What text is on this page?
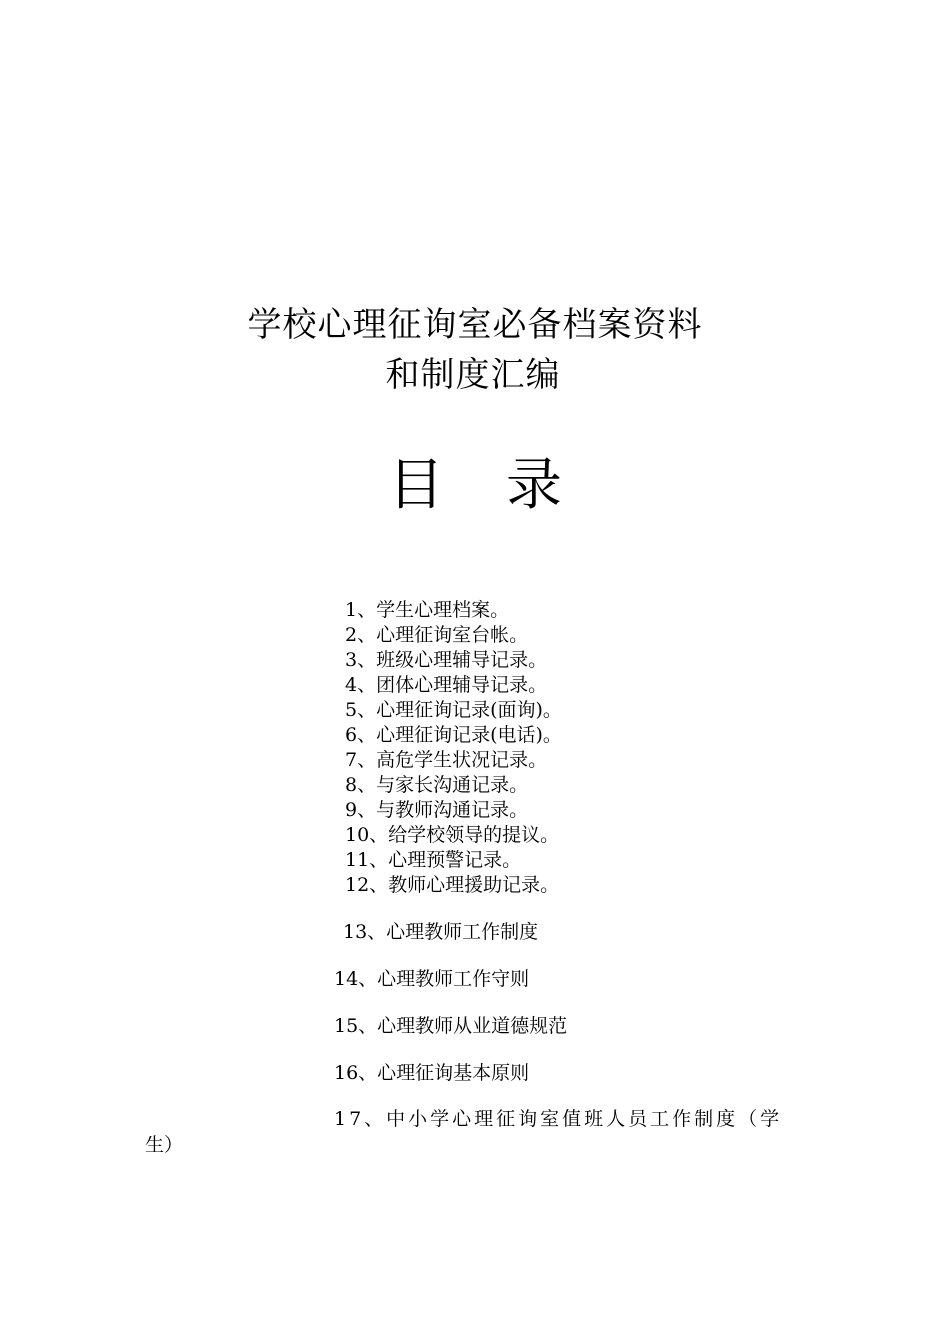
学校心理征询室必备档案资料
和制度汇编
目 录
1、学生心理档案。
2、心理征询室台帐。
3、班级心理辅导记录。
4、团体心理辅导记录。
5、心理征询记录(面询)。
6、心理征询记录(电话)。
7、高危学生状况记录。
8、与家长沟通记录。
9、与教师沟通记录。
10、给学校领导的提议。
11、心理预警记录。
12、教师心理援助记录。
13、心理教师工作制度
14、心理教师工作守则
15、心理教师从业道德规范
16、心理征询基本原则
17、中小学心理征询室值班人员工作制度（学
生）
